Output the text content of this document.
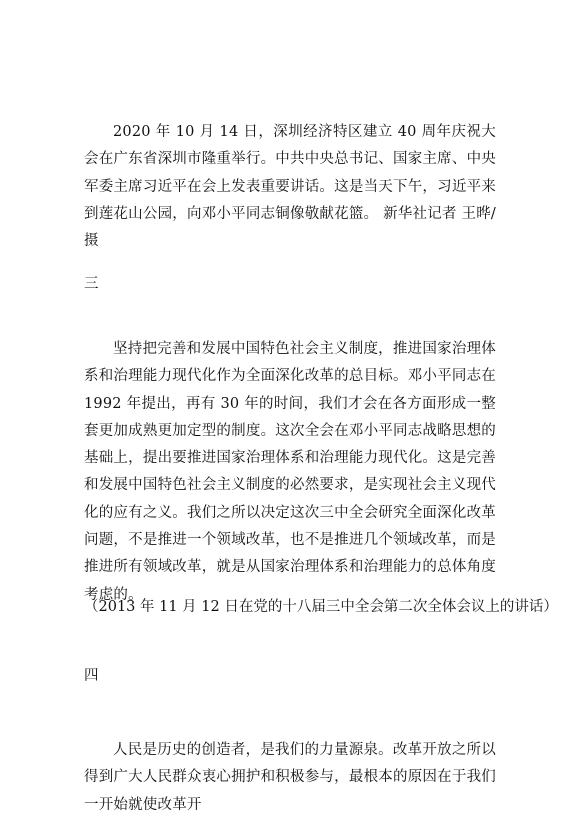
2020 年 10 月 14 日，深圳经济特区建立 40 周年庆祝大会在广东省深圳市隆重举行。中共中央总书记、国家主席、中央军委主席习近平在会上发表重要讲话。这是当天下午，习近平来到莲花山公园，向邓小平同志铜像敬献花篮。 新华社记者 王晔/摄

三

坚持把完善和发展中国特色社会主义制度，推进国家治理体系和治理能力现代化作为全面深化改革的总目标。邓小平同志在 1992 年提出，再有 30 年的时间，我们才会在各方面形成一整套更加成熟更加定型的制度。这次全会在邓小平同志战略思想的基础上，提出要推进国家治理体系和治理能力现代化。这是完善和发展中国特色社会主义制度的必然要求，是实现社会主义现代化的应有之义。我们之所以决定这次三中全会研究全面深化改革问题，不是推进一个领域改革，也不是推进几个领域改革，而是推进所有领域改革，就是从国家治理体系和治理能力的总体角度考虑的。

（2013 年 11 月 12 日在党的十八届三中全会第二次全体会议上的讲话）

四

人民是历史的创造者，是我们的力量源泉。改革开放之所以得到广大人民群众衷心拥护和积极参与，最根本的原因在于我们一开始就使改革开
